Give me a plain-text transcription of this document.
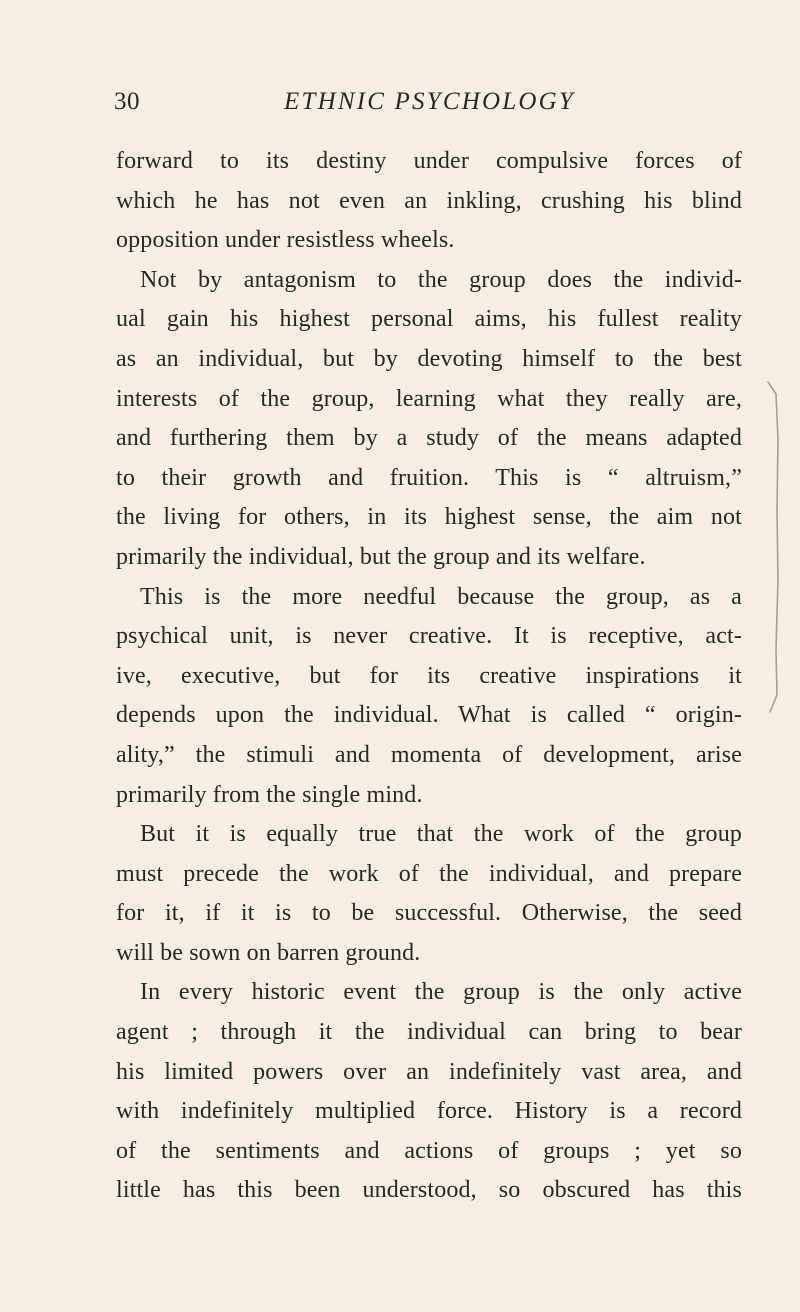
30	ETHNIC PSYCHOLOGY
forward to its destiny under compulsive forces of
which he has not even an inkling, crushing his blind
opposition under resistless wheels.
Not by antagonism to the group does the individ-
ual gain his highest personal aims, his fullest reality
as an individual, but by devoting himself to the best
interests of the group, learning what they really are,
and furthering them by a study of the means adapted
to their growth and fruition. This is “ altruism,”
the living for others, in its highest sense, the aim not
primarily the individual, but the group and its welfare.
This is the more needful because the group, as a
psychical unit, is never creative. It is receptive, act-
ive, executive, but for its creative inspirations it
depends upon the individual. What is called “ origin-
ality,” the stimuli and momenta of development, arise
primarily from the single mind.
But it is equally true that the work of the group
must precede the work of the individual, and prepare
for it, if it is to be successful. Otherwise, the seed
will be sown on barren ground.
In every historic event the group is the only active
agent ; through it the individual can bring to bear
his limited powers over an indefinitely vast area, and
with indefinitely multiplied force. History is a record
of the sentiments and actions of groups ; yet so
little has this been understood, so obscured has this
